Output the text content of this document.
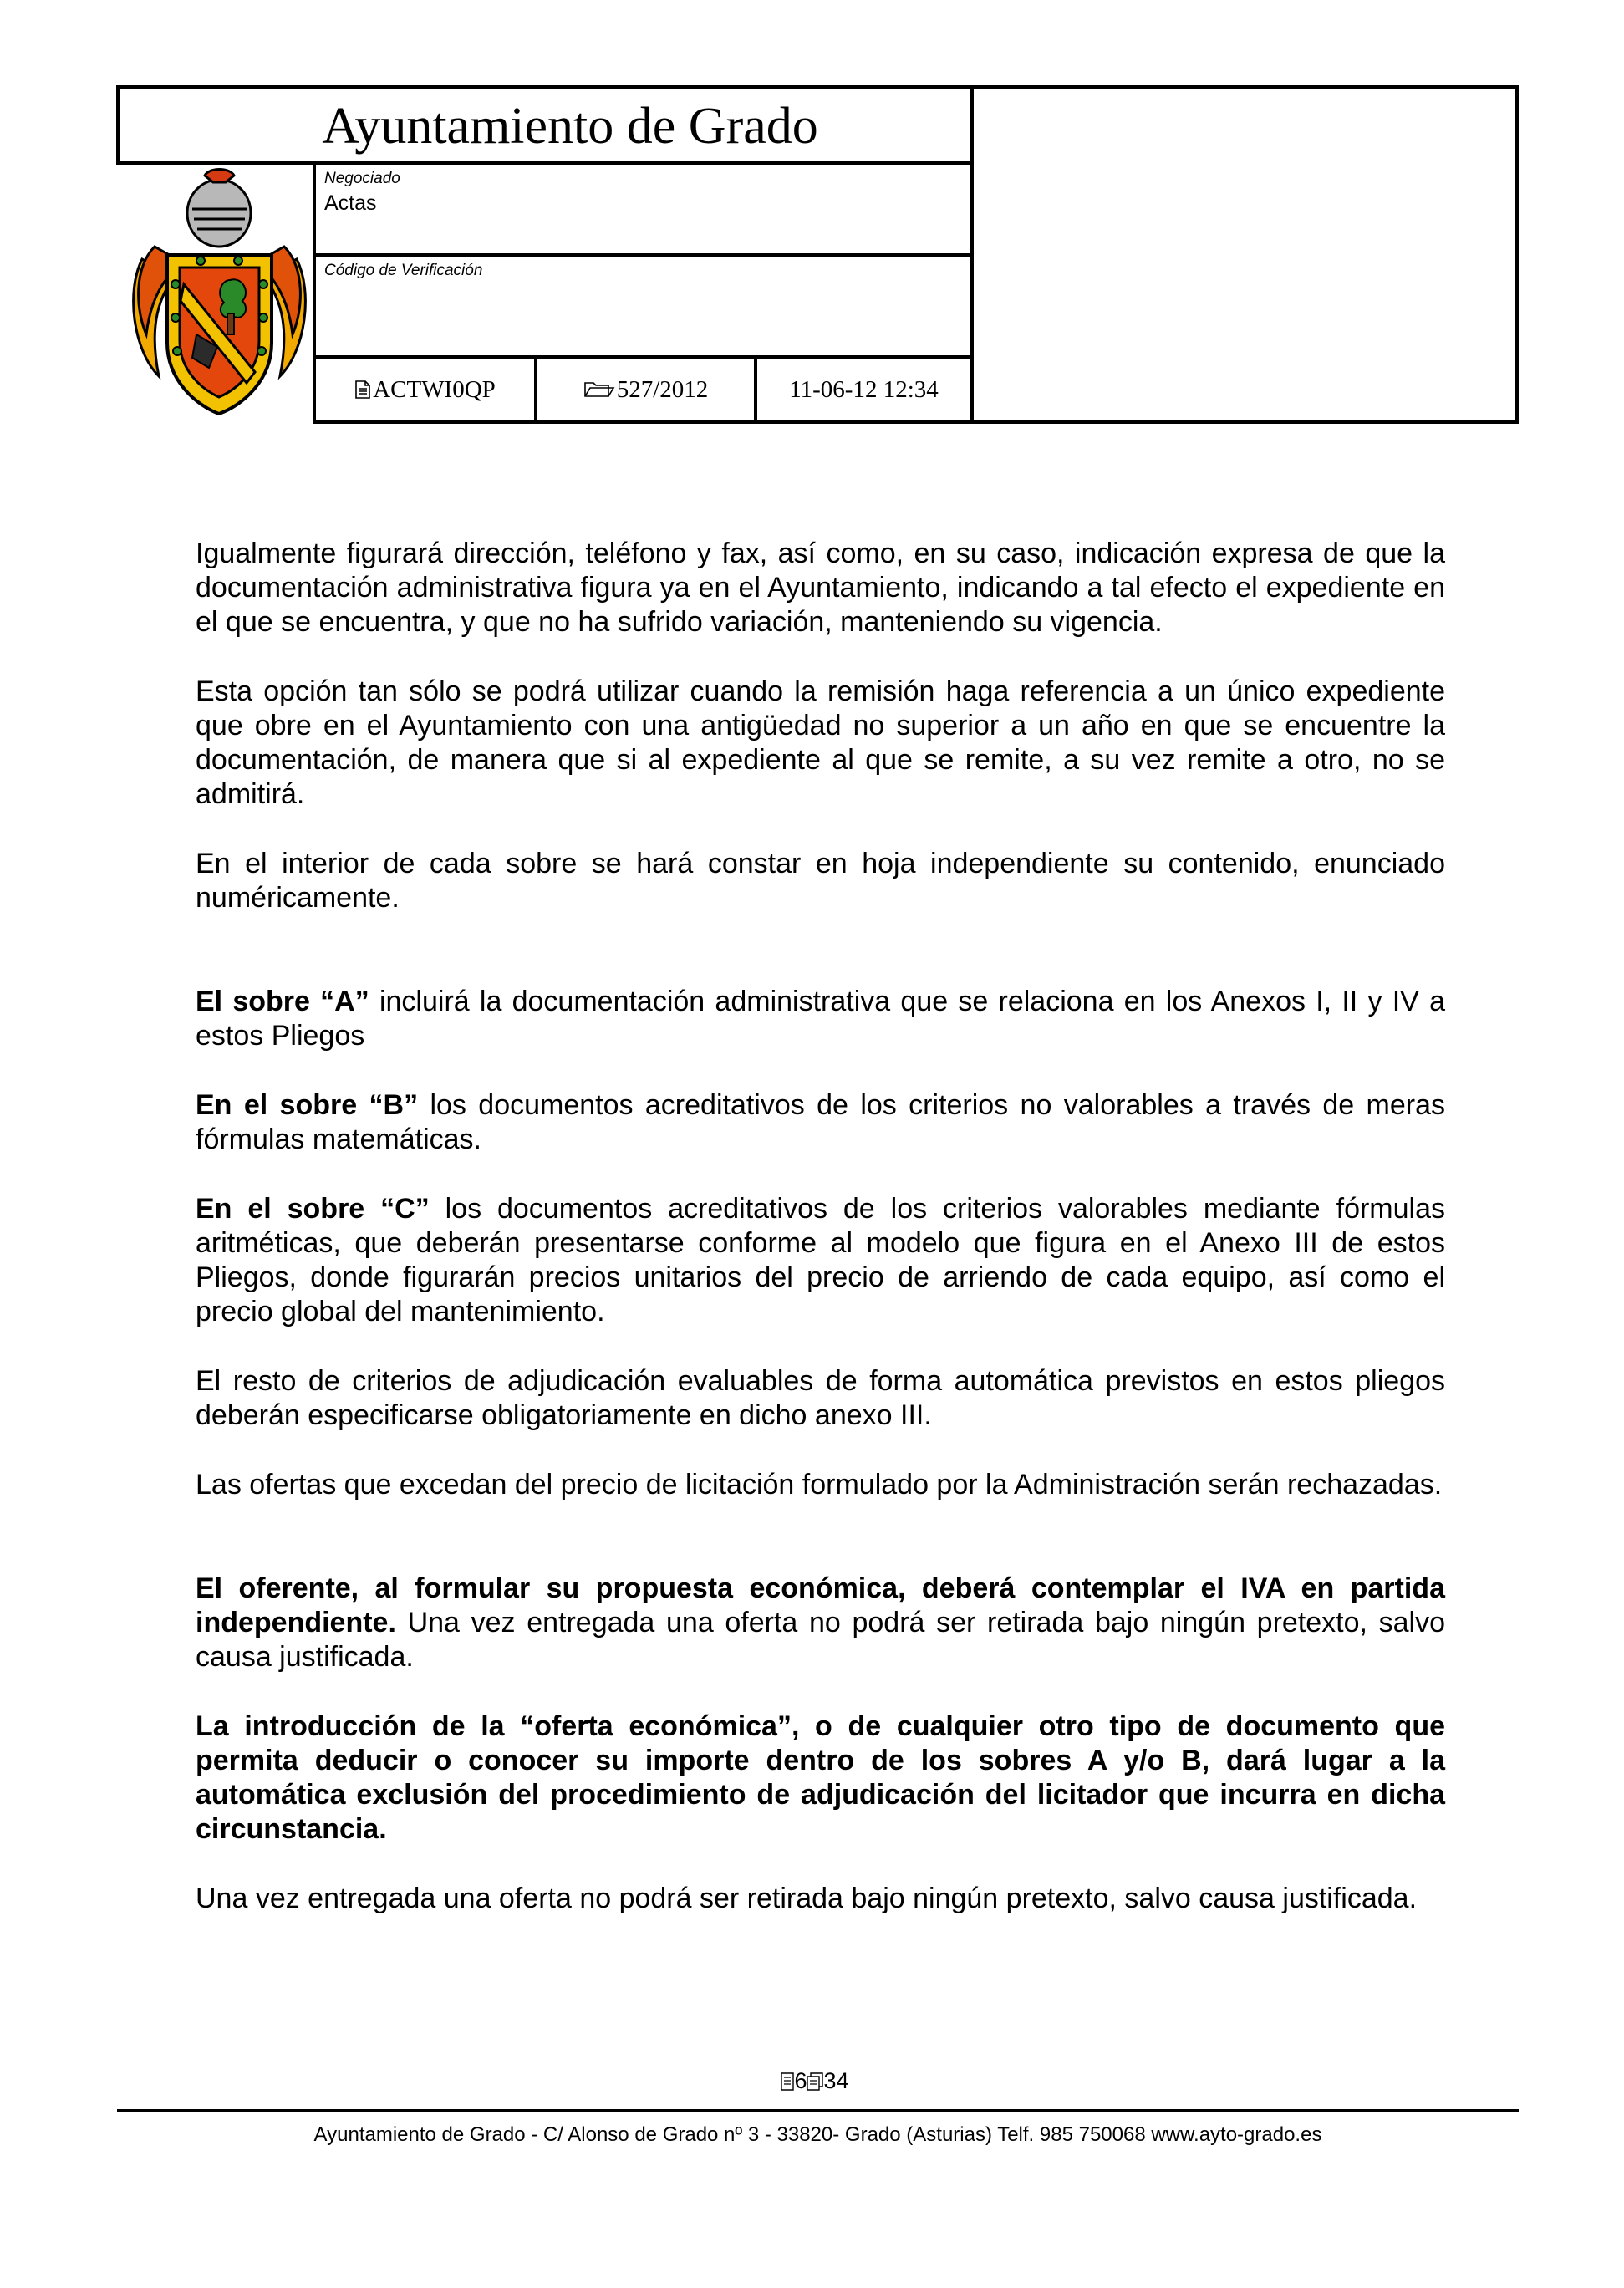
Ayuntamiento de Grado
Negociado
Actas
Código de Verificación
ACTWI0QP	527/2012	11-06-12 12:34
Igualmente figurará dirección, teléfono y fax, así como, en su caso, indicación expresa de que la documentación administrativa figura ya en el Ayuntamiento, indicando a tal efecto el expediente en el que se encuentra, y que no ha sufrido variación, manteniendo su vigencia.
Esta opción tan sólo se podrá utilizar cuando la remisión haga referencia a un único expediente que obre en el Ayuntamiento con una antigüedad no superior a un año en que se encuentre la documentación, de manera que si al expediente al que se remite, a su vez remite a otro, no se admitirá.
En el interior de cada sobre se hará constar en hoja independiente su contenido, enunciado numéricamente.
El sobre “A” incluirá la documentación administrativa que se relaciona en los Anexos I, II y IV a estos Pliegos
En el sobre “B” los documentos acreditativos de los criterios no valorables a través de meras fórmulas matemáticas.
En el sobre “C” los documentos acreditativos de los criterios valorables mediante fórmulas aritméticas, que deberán presentarse conforme al modelo que figura en el Anexo III de estos Pliegos, donde figurarán precios unitarios del precio de arriendo de cada equipo, así como el precio global del mantenimiento.
El resto de criterios de adjudicación evaluables de forma automática previstos en estos pliegos deberán especificarse obligatoriamente en dicho anexo III.
Las ofertas que excedan del precio de licitación formulado por la Administración serán rechazadas.
El oferente, al formular su propuesta económica, deberá contemplar el IVA en partida independiente. Una vez entregada una oferta no podrá ser retirada bajo ningún pretexto, salvo causa justificada.
La introducción de la “oferta económica”, o de cualquier otro tipo de documento que permita deducir o conocer su importe dentro de los sobres A y/o B, dará lugar a la automática exclusión del procedimiento de adjudicación del licitador que incurra en dicha circunstancia.
Una vez entregada una oferta no podrá ser retirada bajo ningún pretexto, salvo causa justificada.
6 34
Ayuntamiento de Grado - C/ Alonso de Grado nº 3 - 33820- Grado (Asturias) Telf. 985 750068 www.ayto-grado.es
